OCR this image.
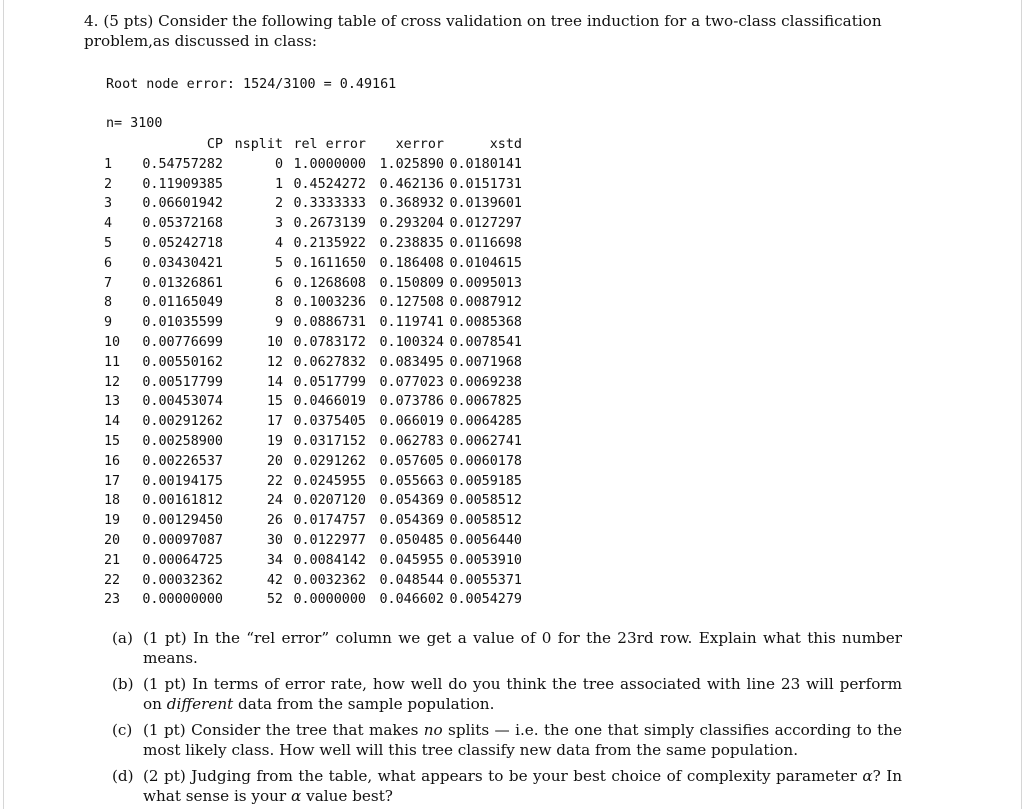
4. (5 pts) Consider the following table of cross validation on tree induction for a two-class classification problem,as discussed in class:
Root node error: 1524/3100 = 0.49161
n= 3100
	CP	nsplit	rel error	xerror	xstd
1	0.54757282	0	1.0000000	1.025890	0.0180141
2	0.11909385	1	0.4524272	0.462136	0.0151731
3	0.06601942	2	0.3333333	0.368932	0.0139601
4	0.05372168	3	0.2673139	0.293204	0.0127297
5	0.05242718	4	0.2135922	0.238835	0.0116698
6	0.03430421	5	0.1611650	0.186408	0.0104615
7	0.01326861	6	0.1268608	0.150809	0.0095013
8	0.01165049	8	0.1003236	0.127508	0.0087912
9	0.01035599	9	0.0886731	0.119741	0.0085368
10	0.00776699	10	0.0783172	0.100324	0.0078541
11	0.00550162	12	0.0627832	0.083495	0.0071968
12	0.00517799	14	0.0517799	0.077023	0.0069238
13	0.00453074	15	0.0466019	0.073786	0.0067825
14	0.00291262	17	0.0375405	0.066019	0.0064285
15	0.00258900	19	0.0317152	0.062783	0.0062741
16	0.00226537	20	0.0291262	0.057605	0.0060178
17	0.00194175	22	0.0245955	0.055663	0.0059185
18	0.00161812	24	0.0207120	0.054369	0.0058512
19	0.00129450	26	0.0174757	0.054369	0.0058512
20	0.00097087	30	0.0122977	0.050485	0.0056440
21	0.00064725	34	0.0084142	0.045955	0.0053910
22	0.00032362	42	0.0032362	0.048544	0.0055371
23	0.00000000	52	0.0000000	0.046602	0.0054279
(a) (1 pt) In the “rel error” column we get a value of 0 for the 23rd row. Explain what this number means.
(b) (1 pt) In terms of error rate, how well do you think the tree associated with line 23 will perform on different data from the sample population.
(c) (1 pt) Consider the tree that makes no splits — i.e. the one that simply classifies according to the most likely class. How well will this tree classify new data from the same population.
(d) (2 pt) Judging from the table, what appears to be your best choice of complexity parameter α? In what sense is your α value best?
